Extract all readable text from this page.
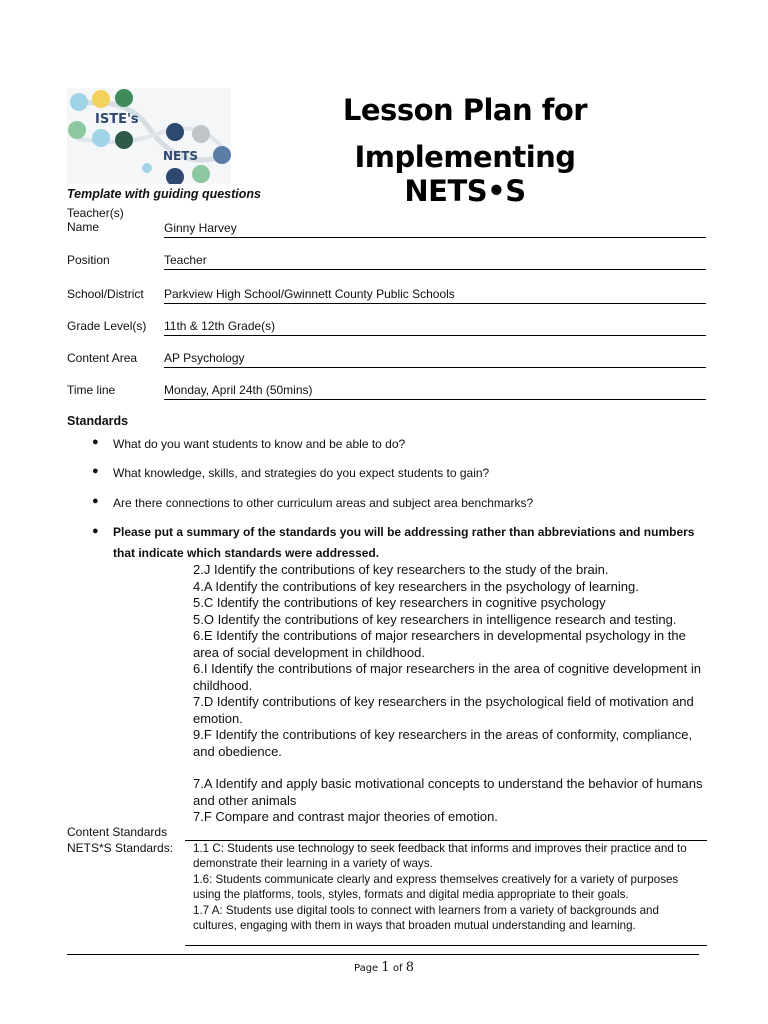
ISTE's
NETS
Lesson Plan for
Implementing NETS•S
Template with guiding questions
Teacher(s)
Name	Ginny Harvey
Position	Teacher
School/District Parkview High School/Gwinnett County Public Schools
Grade Level(s) 11th & 12th Grade(s)
Content Area AP Psychology
Time line	Monday, April 24th (50mins)
Standards
● What do you want students to know and be able to do?
● What knowledge, skills, and strategies do you expect students to gain?
● Are there connections to other curriculum areas and subject area benchmarks?
● Please put a summary of the standards you will be addressing rather than abbreviations and numbers that indicate which standards were addressed.
2.J Identify the contributions of key researchers to the study of the brain.
4.A Identify the contributions of key researchers in the psychology of learning.
5.C Identify the contributions of key researchers in cognitive psychology
5.O Identify the contributions of key researchers in intelligence research and testing.
6.E Identify the contributions of major researchers in developmental psychology in the area of social development in childhood.
6.I Identify the contributions of major researchers in the area of cognitive development in childhood.
7.D Identify contributions of key researchers in the psychological field of motivation and emotion.
9.F Identify the contributions of key researchers in the areas of conformity, compliance, and obedience.
7.A Identify and apply basic motivational concepts to understand the behavior of humans and other animals
7.F Compare and contrast major theories of emotion.
Content Standards
NETS*S Standards: 1.1 C: Students use technology to seek feedback that informs and improves their practice and to demonstrate their learning in a variety of ways.
1.6: Students communicate clearly and express themselves creatively for a variety of purposes using the platforms, tools, styles, formats and digital media appropriate to their goals.
1.7 A: Students use digital tools to connect with learners from a variety of backgrounds and cultures, engaging with them in ways that broaden mutual understanding and learning.
Page 1 of 8
